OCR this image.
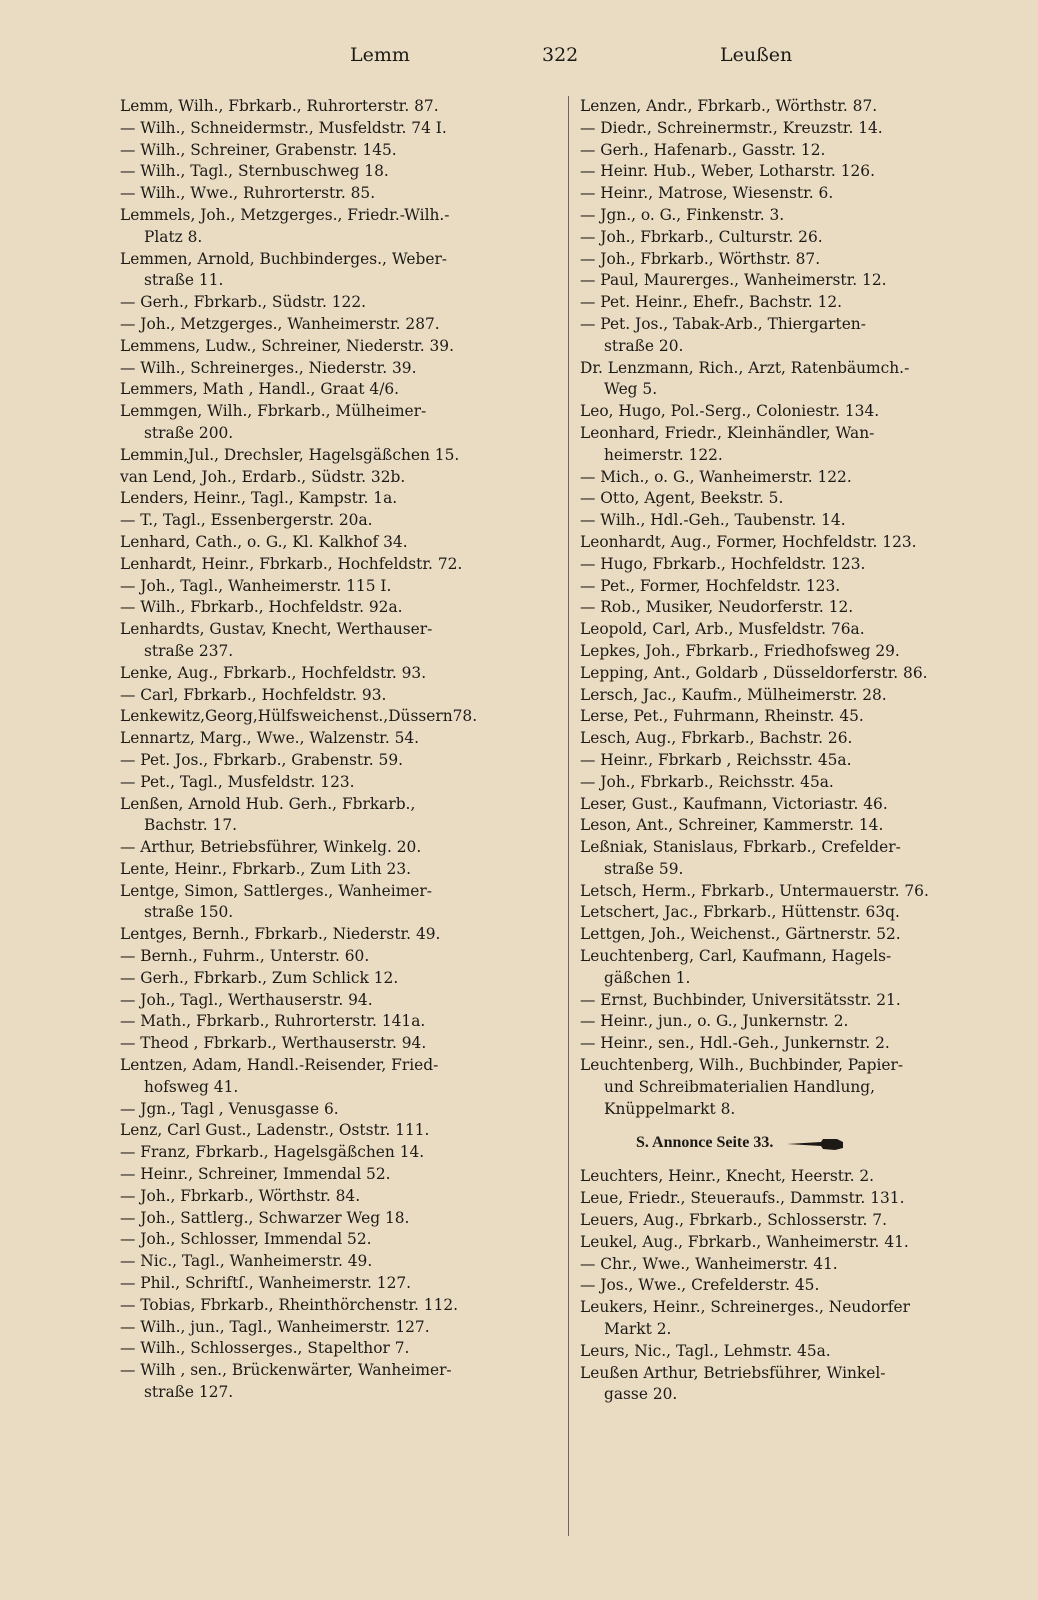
Lemm	322	Leußen
Lemm, Wilh., Fbrkarb., Ruhrorterstr. 87.
— Wilh., Schneidermstr., Musfeldstr. 74 I.
— Wilh., Schreiner, Grabenstr. 145.
— Wilh., Tagl., Sternbuschweg 18.
— Wilh., Wwe., Ruhrorterstr. 85.
Lemmels, Joh., Metzgerges., Friedr.-Wilh.-
Platz 8.
Lemmen, Arnold, Buchbinderges., Weber-
straße 11.
— Gerh., Fbrkarb., Südstr. 122.
— Joh., Metzgerges., Wanheimerstr. 287.
Lemmens, Ludw., Schreiner, Niederstr. 39.
— Wilh., Schreinerges., Niederstr. 39.
Lemmers, Math , Handl., Graat 4/6.
Lemmgen, Wilh., Fbrkarb., Mülheimer-
straße 200.
Lemmin,Jul., Drechsler, Hagelsgäßchen 15.
van Lend, Joh., Erdarb., Südstr. 32b.
Lenders, Heinr., Tagl., Kampstr. 1a.
— T., Tagl., Essenbergerstr. 20a.
Lenhard, Cath., o. G., Kl. Kalkhof 34.
Lenhardt, Heinr., Fbrkarb., Hochfeldstr. 72.
— Joh., Tagl., Wanheimerstr. 115 I.
— Wilh., Fbrkarb., Hochfeldstr. 92a.
Lenhardts, Gustav, Knecht, Werthauser-
straße 237.
Lenke, Aug., Fbrkarb., Hochfeldstr. 93.
— Carl, Fbrkarb., Hochfeldstr. 93.
Lenkewitz,Georg,Hülfsweichenst.,Düssern78.
Lennartz, Marg., Wwe., Walzenstr. 54.
— Pet. Jos., Fbrkarb., Grabenstr. 59.
— Pet., Tagl., Musfeldstr. 123.
Lenßen, Arnold Hub. Gerh., Fbrkarb.,
Bachstr. 17.
— Arthur, Betriebsführer, Winkelg. 20.
Lente, Heinr., Fbrkarb., Zum Lith 23.
Lentge, Simon, Sattlerges., Wanheimer-
straße 150.
Lentges, Bernh., Fbrkarb., Niederstr. 49.
— Bernh., Fuhrm., Unterstr. 60.
— Gerh., Fbrkarb., Zum Schlick 12.
— Joh., Tagl., Werthauserstr. 94.
— Math., Fbrkarb., Ruhrorterstr. 141a.
— Theod , Fbrkarb., Werthauserstr. 94.
Lentzen, Adam, Handl.-Reisender, Fried-
hofsweg 41.
— Jgn., Tagl , Venusgasse 6.
Lenz, Carl Gust., Ladenstr., Oststr. 111.
— Franz, Fbrkarb., Hagelsgäßchen 14.
— Heinr., Schreiner, Immendal 52.
— Joh., Fbrkarb., Wörthstr. 84.
— Joh., Sattlerg., Schwarzer Weg 18.
— Joh., Schlosser, Immendal 52.
— Nic., Tagl., Wanheimerstr. 49.
— Phil., Schriftſ., Wanheimerstr. 127.
— Tobias, Fbrkarb., Rheinthörchenstr. 112.
— Wilh., jun., Tagl., Wanheimerstr. 127.
— Wilh., Schlosserges., Stapelthor 7.
— Wilh , sen., Brückenwärter, Wanheimer-
straße 127.
Lenzen, Andr., Fbrkarb., Wörthstr. 87.
— Diedr., Schreinermstr., Kreuzstr. 14.
— Gerh., Hafenarb., Gasstr. 12.
— Heinr. Hub., Weber, Lotharstr. 126.
— Heinr., Matrose, Wiesenstr. 6.
— Jgn., o. G., Finkenstr. 3.
— Joh., Fbrkarb., Culturstr. 26.
— Joh., Fbrkarb., Wörthstr. 87.
— Paul, Maurerges., Wanheimerstr. 12.
— Pet. Heinr., Ehefr., Bachstr. 12.
— Pet. Jos., Tabak-Arb., Thiergarten-
straße 20.
Dr. Lenzmann, Rich., Arzt, Ratenbäumch.-
Weg 5.
Leo, Hugo, Pol.-Serg., Coloniestr. 134.
Leonhard, Friedr., Kleinhändler, Wan-
heimerstr. 122.
— Mich., o. G., Wanheimerstr. 122.
— Otto, Agent, Beekstr. 5.
— Wilh., Hdl.-Geh., Taubenstr. 14.
Leonhardt, Aug., Former, Hochfeldstr. 123.
— Hugo, Fbrkarb., Hochfeldstr. 123.
— Pet., Former, Hochfeldstr. 123.
— Rob., Musiker, Neudorferstr. 12.
Leopold, Carl, Arb., Musfeldstr. 76a.
Lepkes, Joh., Fbrkarb., Friedhofsweg 29.
Lepping, Ant., Goldarb , Düsseldorferstr. 86.
Lersch, Jac., Kaufm., Mülheimerstr. 28.
Lerse, Pet., Fuhrmann, Rheinstr. 45.
Lesch, Aug., Fbrkarb., Bachstr. 26.
— Heinr., Fbrkarb , Reichsstr. 45a.
— Joh., Fbrkarb., Reichsstr. 45a.
Leser, Gust., Kaufmann, Victoriastr. 46.
Leson, Ant., Schreiner, Kammerstr. 14.
Leßniak, Stanislaus, Fbrkarb., Crefelder-
straße 59.
Letsch, Herm., Fbrkarb., Untermauerstr. 76.
Letschert, Jac., Fbrkarb., Hüttenstr. 63q.
Lettgen, Joh., Weichenst., Gärtnerstr. 52.
Leuchtenberg, Carl, Kaufmann, Hagels-
gäßchen 1.
— Ernst, Buchbinder, Universitätsstr. 21.
— Heinr., jun., o. G., Junkernstr. 2.
— Heinr., sen., Hdl.-Geh., Junkernstr. 2.
Leuchtenberg, Wilh., Buchbinder, Papier-
und Schreibmaterialien Handlung,
Knüppelmarkt 8.
S. Annonce Seite 33.
Leuchters, Heinr., Knecht, Heerstr. 2.
Leue, Friedr., Steueraufs., Dammstr. 131.
Leuers, Aug., Fbrkarb., Schlosserstr. 7.
Leukel, Aug., Fbrkarb., Wanheimerstr. 41.
— Chr., Wwe., Wanheimerstr. 41.
— Jos., Wwe., Crefelderstr. 45.
Leukers, Heinr., Schreinerges., Neudorfer
Markt 2.
Leurs, Nic., Tagl., Lehmstr. 45a.
Leußen Arthur, Betriebsführer, Winkel-
gasse 20.
